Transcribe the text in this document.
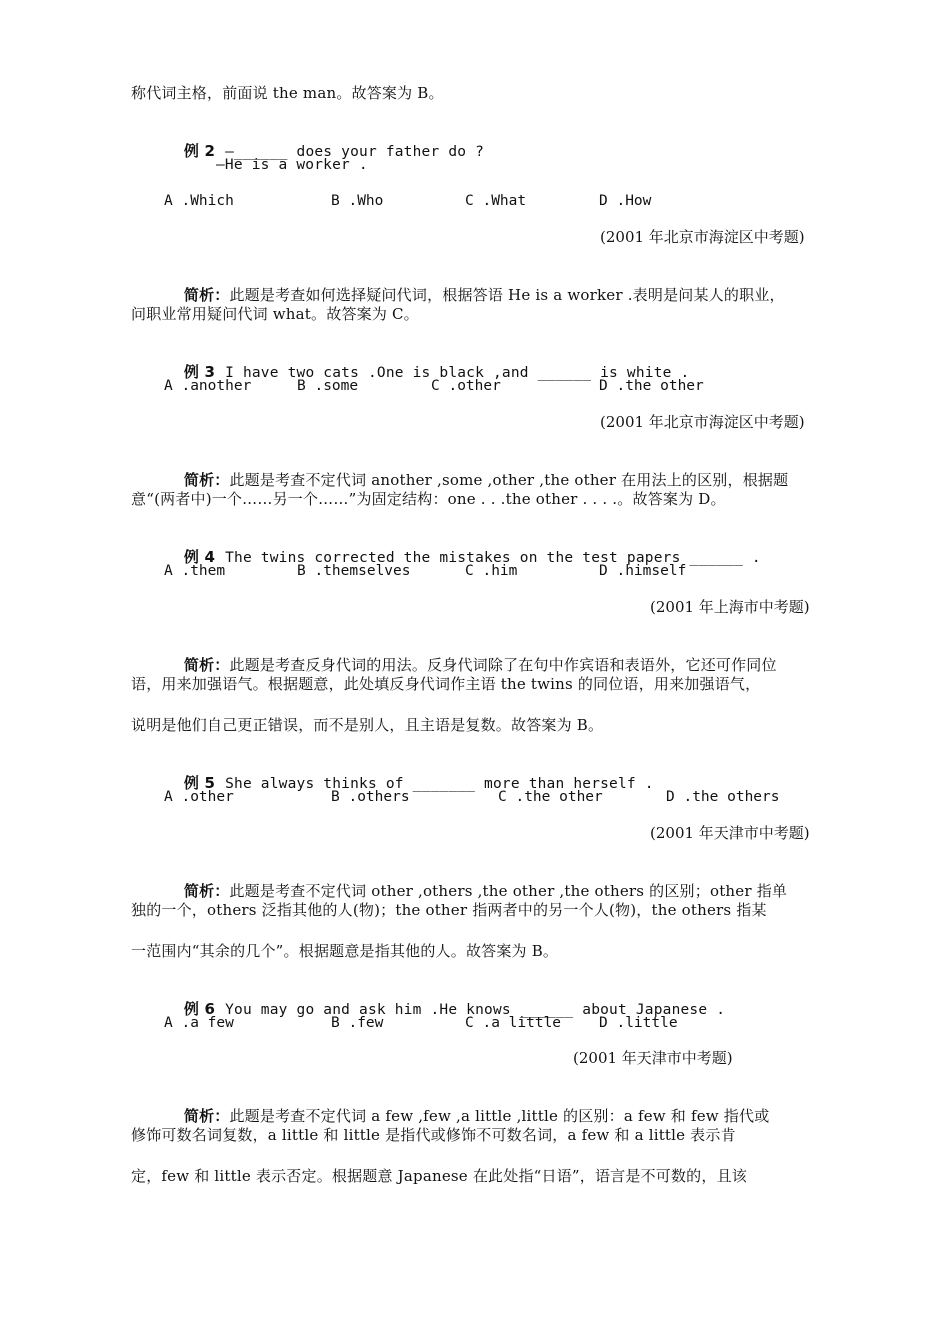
称代词主格，前面说 the man。故答案为 B。

例 2 —______ does your father do ?

—He is a worker .
A .Which	B .Who	C .What	D .How
(2001 年北京市海淀区中考题)

简析：此题是考查如何选择疑问代词，根据答语 He is a worker .表明是问某人的职业，

问职业常用疑问代词 what。故答案为 C。

例 3 I have two cats .One is black ,and ______ is white .

A .another	B .some	C .other	D .the other
(2001 年北京市海淀区中考题)

简析：此题是考查不定代词 another ,some ,other ,the other 在用法上的区别，根据题

意“(两者中)一个……另一个……”为固定结构：one . . .the other . . . .。故答案为 D。

例 4 The twins corrected the mistakes on the test papers ______ .

A .them	B .themselves	C .him	D .himself
(2001 年上海市中考题)

简析：此题是考查反身代词的用法。反身代词除了在句中作宾语和表语外，它还可作同位

语，用来加强语气。根据题意，此处填反身代词作主语 the twins 的同位语，用来加强语气，
说明是他们自己更正错误，而不是别人，且主语是复数。故答案为 B。

例 5 She always thinks of _______ more than herself .

A .other	B .others	C .the other	D .the others
(2001 年天津市中考题)

简析：此题是考查不定代词 other ,others ,the other ,the others 的区别；other 指单

独的一个，others 泛指其他的人(物)；the other 指两者中的另一个人(物)，the others 指某
一范围内“其余的几个”。根据题意是指其他的人。故答案为 B。

例 6 You may go and ask him .He knows ______ about Japanese .

A .a few	B .few	C .a little	D .little
(2001 年天津市中考题)

简析：此题是考查不定代词 a few ,few ,a little ,little 的区别：a few 和 few 指代或

修饰可数名词复数，a little 和 little 是指代或修饰不可数名词，a few 和 a little 表示肯
定，few 和 little 表示否定。根据题意 Japanese 在此处指“日语”，语言是不可数的，且该
